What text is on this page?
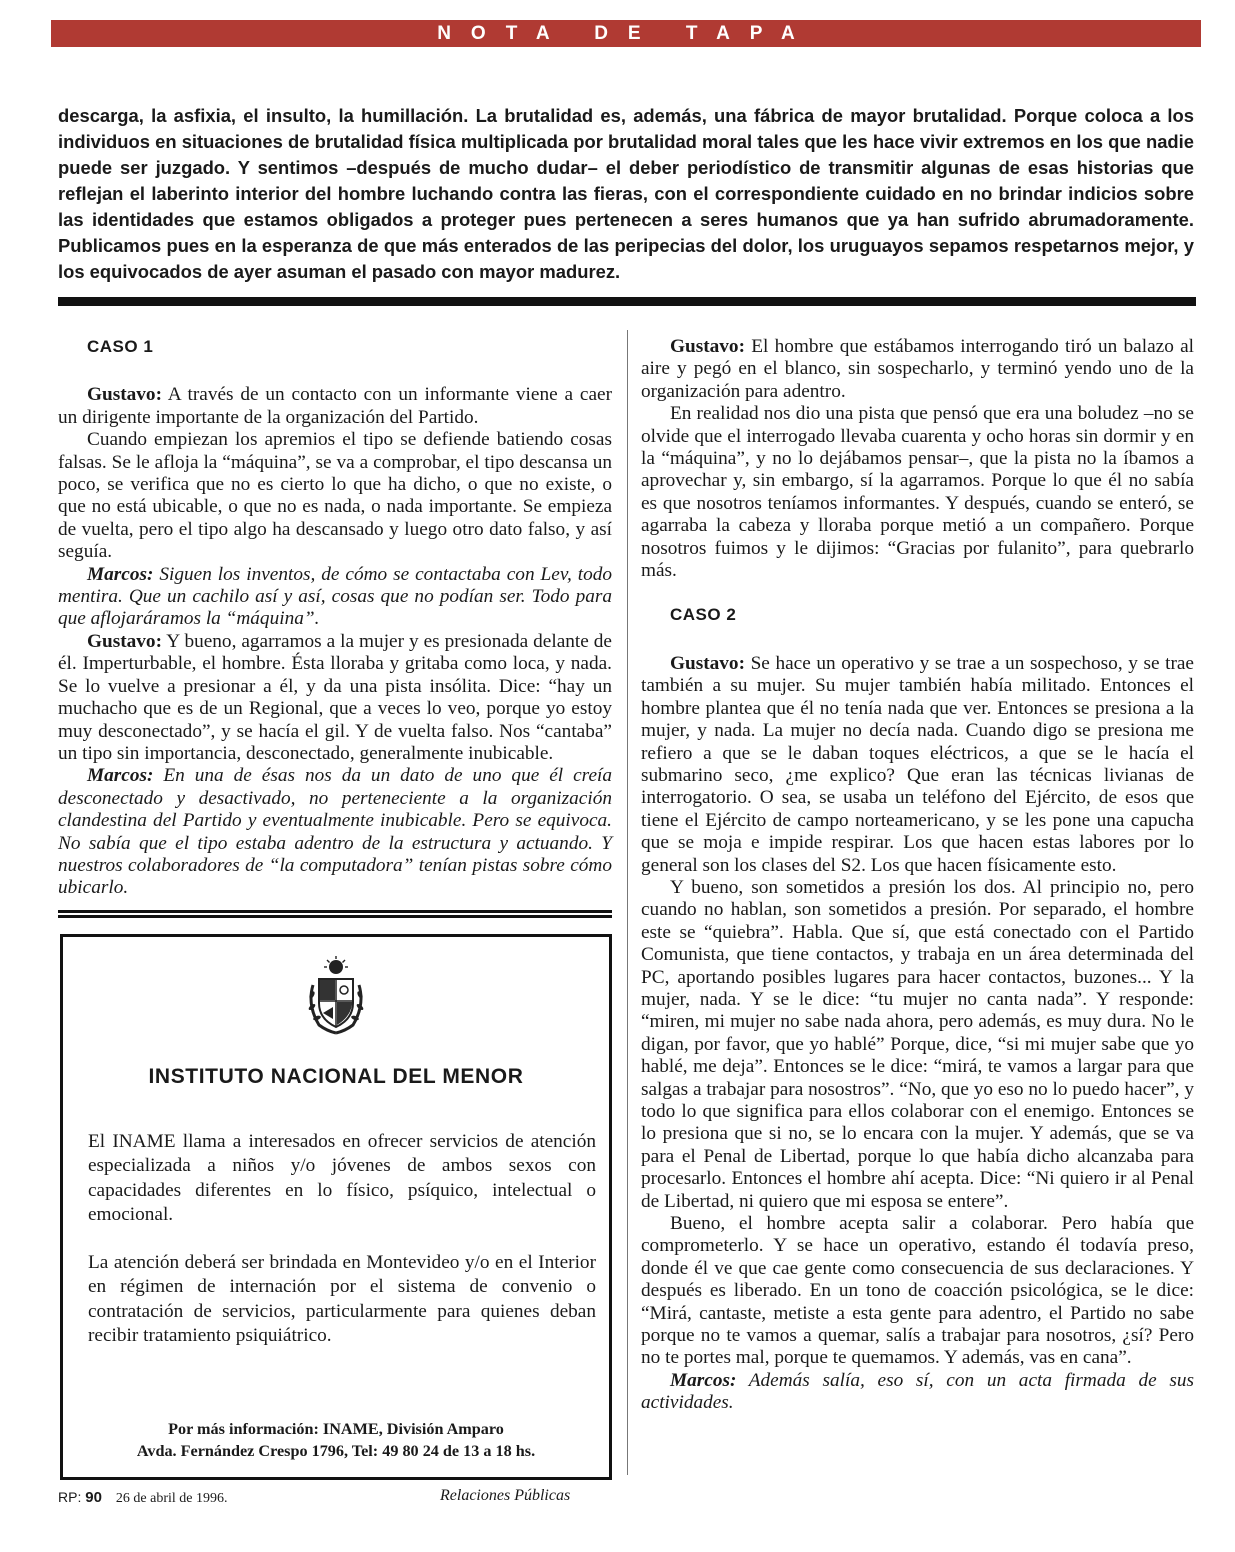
NOTA DE TAPA

descarga, la asfixia, el insulto, la humillación. La brutalidad es, además, una fábrica de mayor brutalidad. Porque coloca a los individuos en situaciones de brutalidad física multiplicada por brutalidad moral tales que les hace vivir extremos en los que nadie puede ser juzgado. Y sentimos –después de mucho dudar– el deber periodístico de transmitir algunas de esas historias que reflejan el laberinto interior del hombre luchando contra las fieras, con el correspondiente cuidado en no brindar indicios sobre las identidades que estamos obligados a proteger pues pertenecen a seres humanos que ya han sufrido abrumadoramente. Publicamos pues en la esperanza de que más enterados de las peripecias del dolor, los uruguayos sepamos respetarnos mejor, y los equivocados de ayer asuman el pasado con mayor madurez.

CASO 1

Gustavo: A través de un contacto con un informante viene a caer un dirigente importante de la organización del Partido.

Cuando empiezan los apremios el tipo se defiende batiendo cosas falsas. Se le afloja la “máquina”, se va a comprobar, el tipo descansa un poco, se verifica que no es cierto lo que ha dicho, o que no existe, o que no está ubicable, o que no es nada, o nada importante. Se empieza de vuelta, pero el tipo algo ha descansado y luego otro dato falso, y así seguía.

Marcos: Siguen los inventos, de cómo se contactaba con Lev, todo mentira. Que un cachilo así y así, cosas que no podían ser. Todo para que aflojaráramos la “máquina”.

Gustavo: Y bueno, agarramos a la mujer y es presionada delante de él. Imperturbable, el hombre. Ésta lloraba y gritaba como loca, y nada. Se lo vuelve a presionar a él, y da una pista insólita. Dice: “hay un muchacho que es de un Regional, que a veces lo veo, porque yo estoy muy desconectado”, y se hacía el gil. Y de vuelta falso. Nos “cantaba” un tipo sin importancia, desconectado, generalmente inubicable.

Marcos: En una de ésas nos da un dato de uno que él creía desconectado y desactivado, no perteneciente a la organización clandestina del Partido y eventualmente inubicable. Pero se equivoca. No sabía que el tipo estaba adentro de la estructura y actuando. Y nuestros colaboradores de “la computadora” tenían pistas sobre cómo ubicarlo.

INSTITUTO NACIONAL DEL MENOR

El INAME llama a interesados en ofrecer servicios de atención especializada a niños y/o jóvenes de ambos sexos con capacidades diferentes en lo físico, psíquico, intelectual o emocional.

La atención deberá ser brindada en Montevideo y/o en el Interior en régimen de internación por el sistema de convenio o contratación de servicios, particularmente para quienes deban recibir tratamiento psiquiátrico.

Por más información: INAME, División Amparo
Avda. Fernández Crespo 1796, Tel: 49 80 24 de 13 a 18 hs.

Gustavo: El hombre que estábamos interrogando tiró un balazo al aire y pegó en el blanco, sin sospecharlo, y terminó yendo uno de la organización para adentro.

En realidad nos dio una pista que pensó que era una boludez –no se olvide que el interrogado llevaba cuarenta y ocho horas sin dormir y en la “máquina”, y no lo dejábamos pensar–, que la pista no la íbamos a aprovechar y, sin embargo, sí la agarramos. Porque lo que él no sabía es que nosotros teníamos informantes. Y después, cuando se enteró, se agarraba la cabeza y lloraba porque metió a un compañero. Porque nosotros fuimos y le dijimos: “Gracias por fulanito”, para quebrarlo más.

CASO 2

Gustavo: Se hace un operativo y se trae a un sospechoso, y se trae también a su mujer. Su mujer también había militado. Entonces el hombre plantea que él no tenía nada que ver. Entonces se presiona a la mujer, y nada. La mujer no decía nada. Cuando digo se presiona me refiero a que se le daban toques eléctricos, a que se le hacía el submarino seco, ¿me explico? Que eran las técnicas livianas de interrogatorio. O sea, se usaba un teléfono del Ejército, de esos que tiene el Ejército de campo norteamericano, y se les pone una capucha que se moja e impide respirar. Los que hacen estas labores por lo general son los clases del S2. Los que hacen físicamente esto.

Y bueno, son sometidos a presión los dos. Al principio no, pero cuando no hablan, son sometidos a presión. Por separado, el hombre este se “quiebra”. Habla. Que sí, que está conectado con el Partido Comunista, que tiene contactos, y trabaja en un área determinada del PC, aportando posibles lugares para hacer contactos, buzones... Y la mujer, nada. Y se le dice: “tu mujer no canta nada”. Y responde: “miren, mi mujer no sabe nada ahora, pero además, es muy dura. No le digan, por favor, que yo hablé” Porque, dice, “si mi mujer sabe que yo hablé, me deja”. Entonces se le dice: “mirá, te vamos a largar para que salgas a trabajar para nosostros”. “No, que yo eso no lo puedo hacer”, y todo lo que significa para ellos colaborar con el enemigo. Entonces se lo presiona que si no, se lo encara con la mujer. Y además, que se va para el Penal de Libertad, porque lo que había dicho alcanzaba para procesarlo. Entonces el hombre ahí acepta. Dice: “Ni quiero ir al Penal de Libertad, ni quiero que mi esposa se entere”.

Bueno, el hombre acepta salir a colaborar. Pero había que comprometerlo. Y se hace un operativo, estando él todavía preso, donde él ve que cae gente como consecuencia de sus declaraciones. Y después es liberado. En un tono de coacción psicológica, se le dice: “Mirá, cantaste, metiste a esta gente para adentro, el Partido no sabe porque no te vamos a quemar, salís a trabajar para nosotros, ¿sí? Pero no te portes mal, porque te quemamos. Y además, vas en cana”.

Marcos: Además salía, eso sí, con un acta firmada de sus actividades.

RP: 90 26 de abril de 1996.	Relaciones Públicas
